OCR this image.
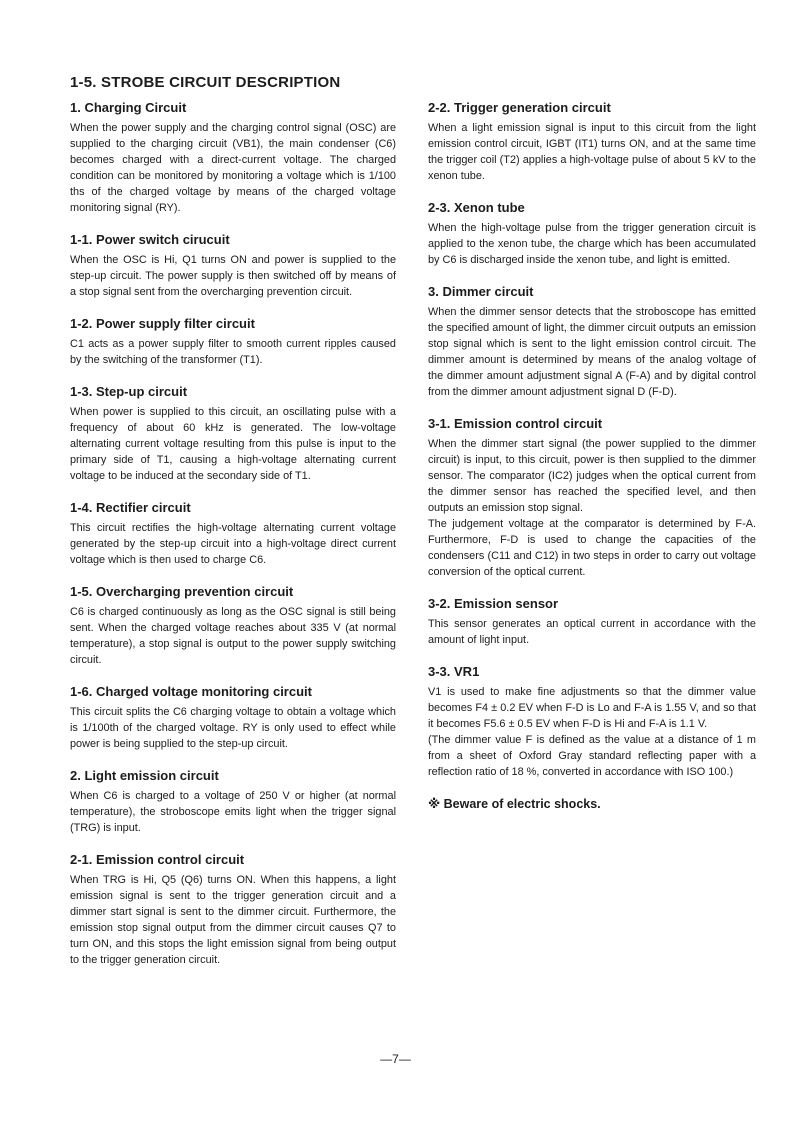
1-5. STROBE CIRCUIT DESCRIPTION
1. Charging Circuit

When the power supply and the charging control signal (OSC) are supplied to the charging circuit (VB1), the main condenser (C6) becomes charged with a direct-current voltage. The charged condition can be monitored by monitoring a voltage which is 1/100 ths of the charged voltage by means of the charged voltage monitoring signal (RY).

1-1. Power switch cirucuit

When the OSC is Hi, Q1 turns ON and power is supplied to the step-up circuit. The power supply is then switched off by means of a stop signal sent from the overcharging prevention circuit.

1-2. Power supply filter circuit

C1 acts as a power supply filter to smooth current ripples caused by the switching of the transformer (T1).

1-3. Step-up circuit

When power is supplied to this circuit, an oscillating pulse with a frequency of about 60 kHz is generated. The low-voltage alternating current voltage resulting from this pulse is input to the primary side of T1, causing a high-voltage alternating current voltage to be induced at the secondary side of T1.

1-4. Rectifier circuit

This circuit rectifies the high-voltage alternating current voltage generated by the step-up circuit into a high-voltage direct current voltage which is then used to charge C6.

1-5. Overcharging prevention circuit

C6 is charged continuously as long as the OSC signal is still being sent. When the charged voltage reaches about 335 V (at normal temperature), a stop signal is output to the power supply switching circuit.

1-6. Charged voltage monitoring circuit

This circuit splits the C6 charging voltage to obtain a voltage which is 1/100th of the charged voltage. RY is only used to effect while power is being supplied to the step-up circuit.

2. Light emission circuit

When C6 is charged to a voltage of 250 V or higher (at normal temperature), the stroboscope emits light when the trigger signal (TRG) is input.

2-1. Emission control circuit

When TRG is Hi, Q5 (Q6) turns ON. When this happens, a light emission signal is sent to the trigger generation circuit and a dimmer start signal is sent to the dimmer circuit. Furthermore, the emission stop signal output from the dimmer circuit causes Q7 to turn ON, and this stops the light emission signal from being output to the trigger generation circuit.

2-2. Trigger generation circuit

When a light emission signal is input to this circuit from the light emission control circuit, IGBT (IT1) turns ON, and at the same time the trigger coil (T2) applies a high-voltage pulse of about 5 kV to the xenon tube.

2-3. Xenon tube

When the high-voltage pulse from the trigger generation circuit is applied to the xenon tube, the charge which has been accumulated by C6 is discharged inside the xenon tube, and light is emitted.

3. Dimmer circuit

When the dimmer sensor detects that the stroboscope has emitted the specified amount of light, the dimmer circuit outputs an emission stop signal which is sent to the light emission control circuit. The dimmer amount is determined by means of the analog voltage of the dimmer amount adjustment signal A (F-A) and by digital control from the dimmer amount adjustment signal D (F-D).

3-1. Emission control circuit

When the dimmer start signal (the power supplied to the dimmer circuit) is input, to this circuit, power is then supplied to the dimmer sensor. The comparator (IC2) judges when the optical current from the dimmer sensor has reached the specified level, and then outputs an emission stop signal.

The judgement voltage at the comparator is determined by F-A. Furthermore, F-D is used to change the capacities of the condensers (C11 and C12) in two steps in order to carry out voltage conversion of the optical current.

3-2. Emission sensor

This sensor generates an optical current in accordance with the amount of light input.

3-3. VR1

V1 is used to make fine adjustments so that the dimmer value becomes F4 ± 0.2 EV when F-D is Lo and F-A is 1.55 V, and so that it becomes F5.6 ± 0.5 EV when F-D is Hi and F-A is 1.1 V.

(The dimmer value F is defined as the value at a distance of 1 m from a sheet of Oxford Gray standard reflecting paper with a reflection ratio of 18 %, converted in accordance with ISO 100.)

※ Beware of electric shocks.

—7—
